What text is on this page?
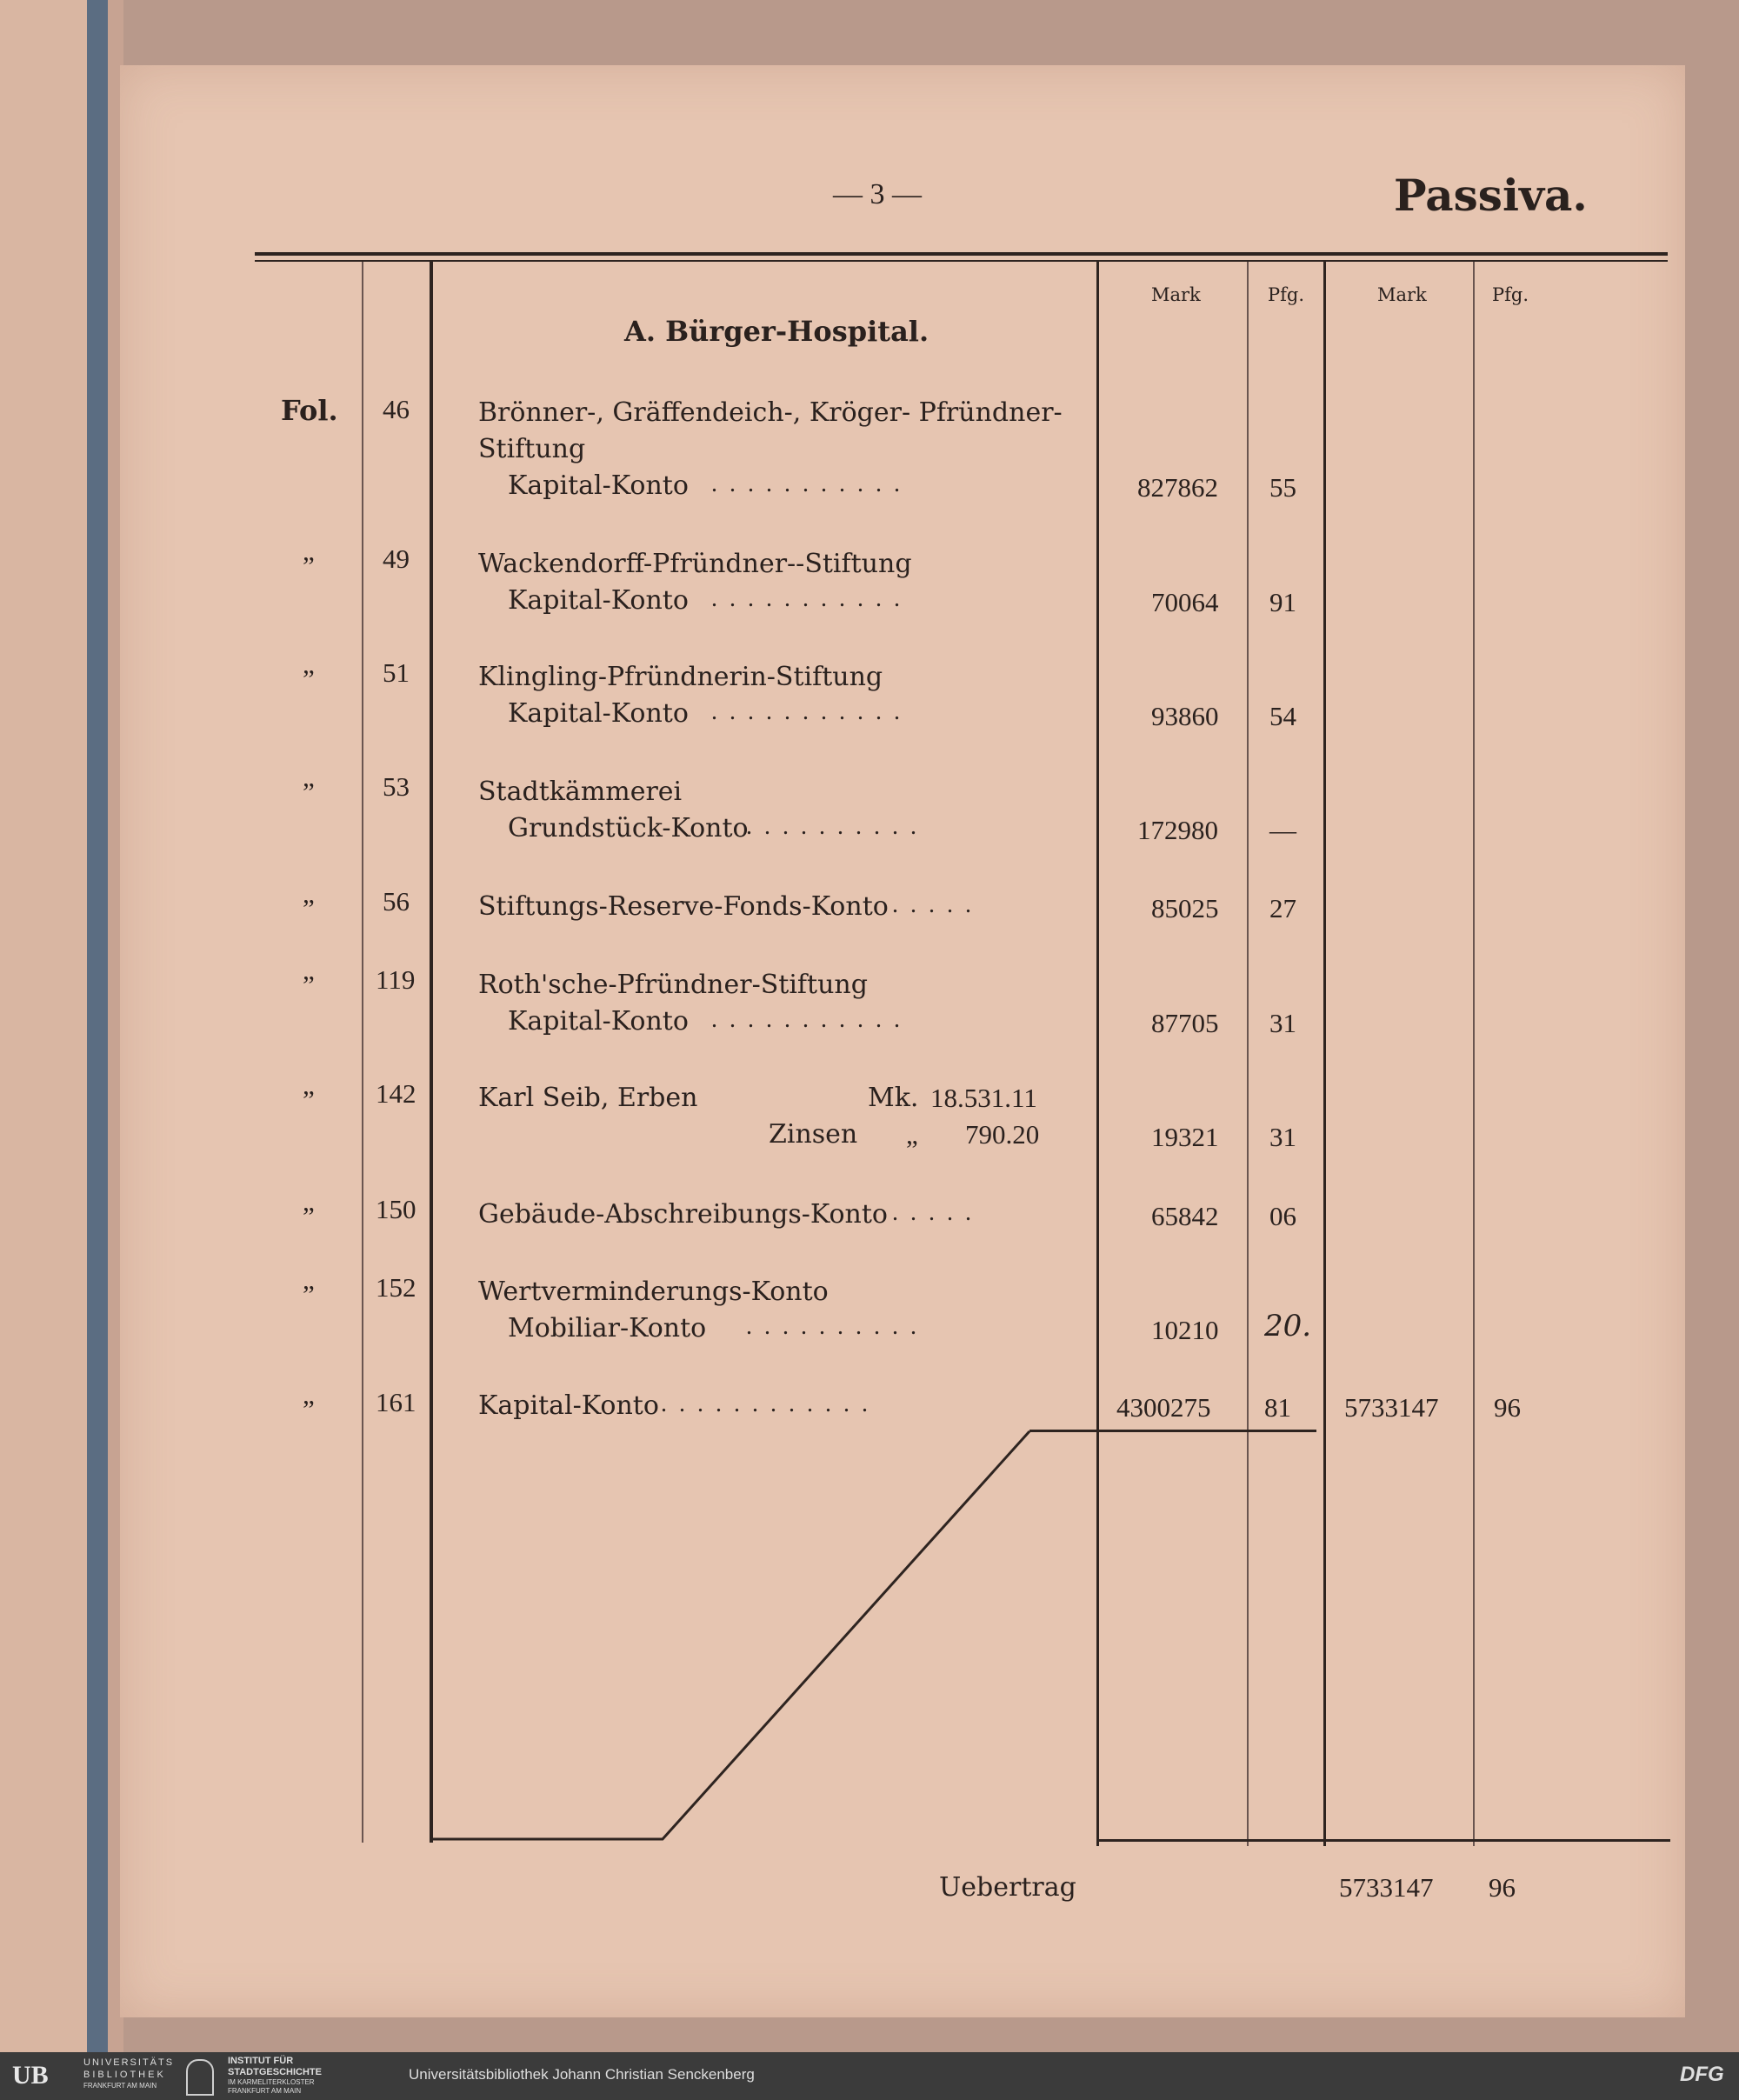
— 3 —	Passiva.
Mark	Pfg.	Mark	Pfg.
A. Bürger-Hospital.
Fol. 46	Brönner-, Gräffendeich-, Kröger- Pfründner-
Stiftung
Kapital-Konto ...........	827862 55
”	49	Wackendorff-Pfründner--Stiftung
Kapital-Konto ...........	70064 91
”	51	Klingling-Pfründnerin-Stiftung
Kapital-Konto ...........	93860 54
”	53	Stadtkämmerei
Grundstück-Konto
..........	172980 —
”	56	Stiftungs-Reserve-Fonds-Konto .....	85025 27
” 119 Roth'sche-Pfründner-Stiftung
Kapital-Konto ...........	87705 31
” 142 Karl Seib, Erben	Mk. 18.531.11
Zinsen „ 790.20	19321 31
” 150 Gebäude-Abschreibungs-Konto .....	65842 06
” 152 Wertverminderungs-Konto
Mobiliar-Konto ..........	10210 20.
” 161 Kapital-Konto ............	4300275 81 5733147 96
Uebertrag	5733147 96
UB	UNIVERSITÄTS
BIBLIOTHEK
FRANKFURT AM MAIN
INSTITUT FÜR
STADTGESCHICHTE
IM KARMELITERKLOSTER
FRANKFURT AM MAIN
Universitätsbibliothek Johann Christian Senckenberg	DFG
